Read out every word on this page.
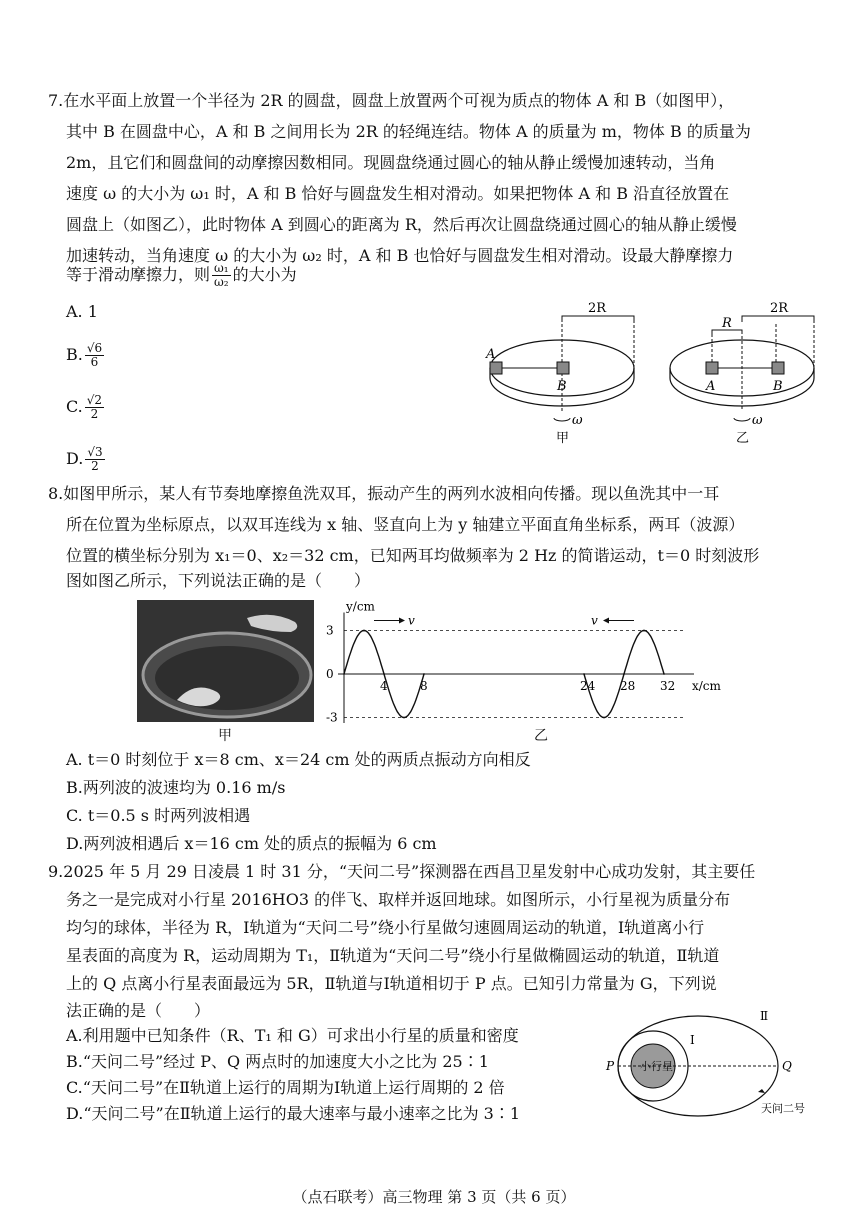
7.在水平面上放置一个半径为 2R 的圆盘，圆盘上放置两个可视为质点的物体 A 和 B（如图甲），
其中 B 在圆盘中心，A 和 B 之间用长为 2R 的轻绳连结。物体 A 的质量为 m，物体 B 的质量为
2m，且它们和圆盘间的动摩擦因数相同。现圆盘绕通过圆心的轴从静止缓慢加速转动，当角
速度 ω 的大小为 ω₁ 时，A 和 B 恰好与圆盘发生相对滑动。如果把物体 A 和 B 沿直径放置在
圆盘上（如图乙），此时物体 A 到圆心的距离为 R，然后再次让圆盘绕通过圆心的轴从静止缓慢
加速转动，当角速度 ω 的大小为 ω₂ 时，A 和 B 也恰好与圆盘发生相对滑动。设最大静摩擦力
等于滑动摩擦力，则 $\frac{\text{ω₁}}{\text{ω₂}}$ 的大小为
A. 1
B. $\frac{√6}{6}$
C. $\frac{√2}{2}$
D. $\frac{√3}{2}$
2R
A
B
ω
甲
R
2R
A	B
ω
乙
8.如图甲所示，某人有节奏地摩擦鱼洗双耳，振动产生的两列水波相向传播。现以鱼洗其中一耳
所在位置为坐标原点，以双耳连线为 x 轴、竖直向上为 y 轴建立平面直角坐标系，两耳（波源）
位置的横坐标分别为 x₁＝0、x₂＝32 cm，已知两耳均做频率为 2 Hz 的简谐运动，t＝0 时刻波形
图如图乙所示，下列说法正确的是（　　）
甲
y/cm
x/cm
3
0
-3
4	8	24 28 32
v	v
乙
A. t＝0 时刻位于 x＝8 cm、x＝24 cm 处的两质点振动方向相反
B.两列波的波速均为 0.16 m/s
C. t＝0.5 s 时两列波相遇
D.两列波相遇后 x＝16 cm 处的质点的振幅为 6 cm
9.2025 年 5 月 29 日凌晨 1 时 31 分，“天问二号”探测器在西昌卫星发射中心成功发射，其主要任
务之一是完成对小行星 2016HO3 的伴飞、取样并返回地球。如图所示，小行星视为质量分布
均匀的球体，半径为 R，Ⅰ轨道为“天问二号”绕小行星做匀速圆周运动的轨道，Ⅰ轨道离小行
星表面的高度为 R，运动周期为 T₁，Ⅱ轨道为“天问二号”绕小行星做椭圆运动的轨道，Ⅱ轨道
上的 Q 点离小行星表面最远为 5R，Ⅱ轨道与Ⅰ轨道相切于 P 点。已知引力常量为 G，下列说
法正确的是（　　）
A.利用题中已知条件（R、T₁ 和 G）可求出小行星的质量和密度
B.“天问二号”经过 P、Q 两点时的加速度大小之比为 25∶1
C.“天问二号”在Ⅱ轨道上运行的周期为Ⅰ轨道上运行周期的 2 倍
D.“天问二号”在Ⅱ轨道上运行的最大速率与最小速率之比为 3∶1
小行星
P	Q
Ⅰ
Ⅱ
天问二号
（点石联考）高三物理 第 3 页（共 6 页）
